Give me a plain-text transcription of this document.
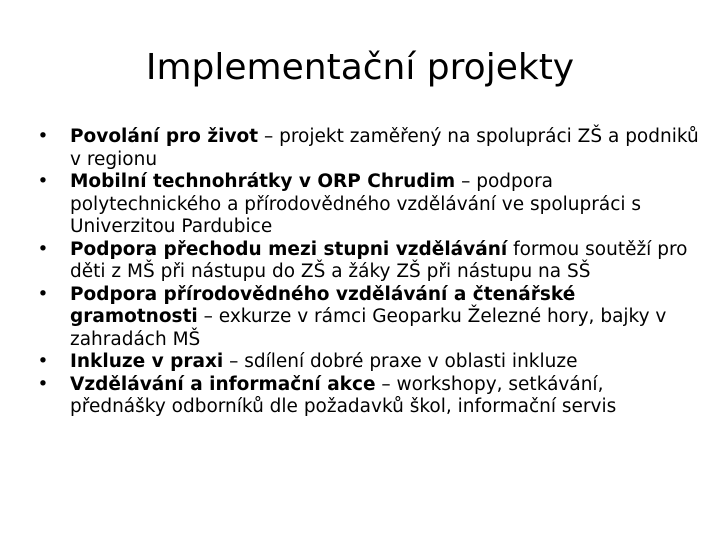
Implementační projekty
• Povolání pro život – projekt zaměřený na spolupráci ZŠ a podniků v regionu
• Mobilní technohrátky v ORP Chrudim – podpora polytechnického a přírodovědného vzdělávání ve spolupráci s Univerzitou Pardubice
• Podpora přechodu mezi stupni vzdělávání formou soutěží pro děti z MŠ při nástupu do ZŠ a žáky ZŠ při nástupu na SŠ
• Podpora přírodovědného vzdělávání a čtenářské gramotnosti – exkurze v rámci Geoparku Železné hory, bajky v zahradách MŠ
• Inkluze v praxi – sdílení dobré praxe v oblasti inkluze
• Vzdělávání a informační akce – workshopy, setkávání, přednášky odborníků dle požadavků škol, informační servis
